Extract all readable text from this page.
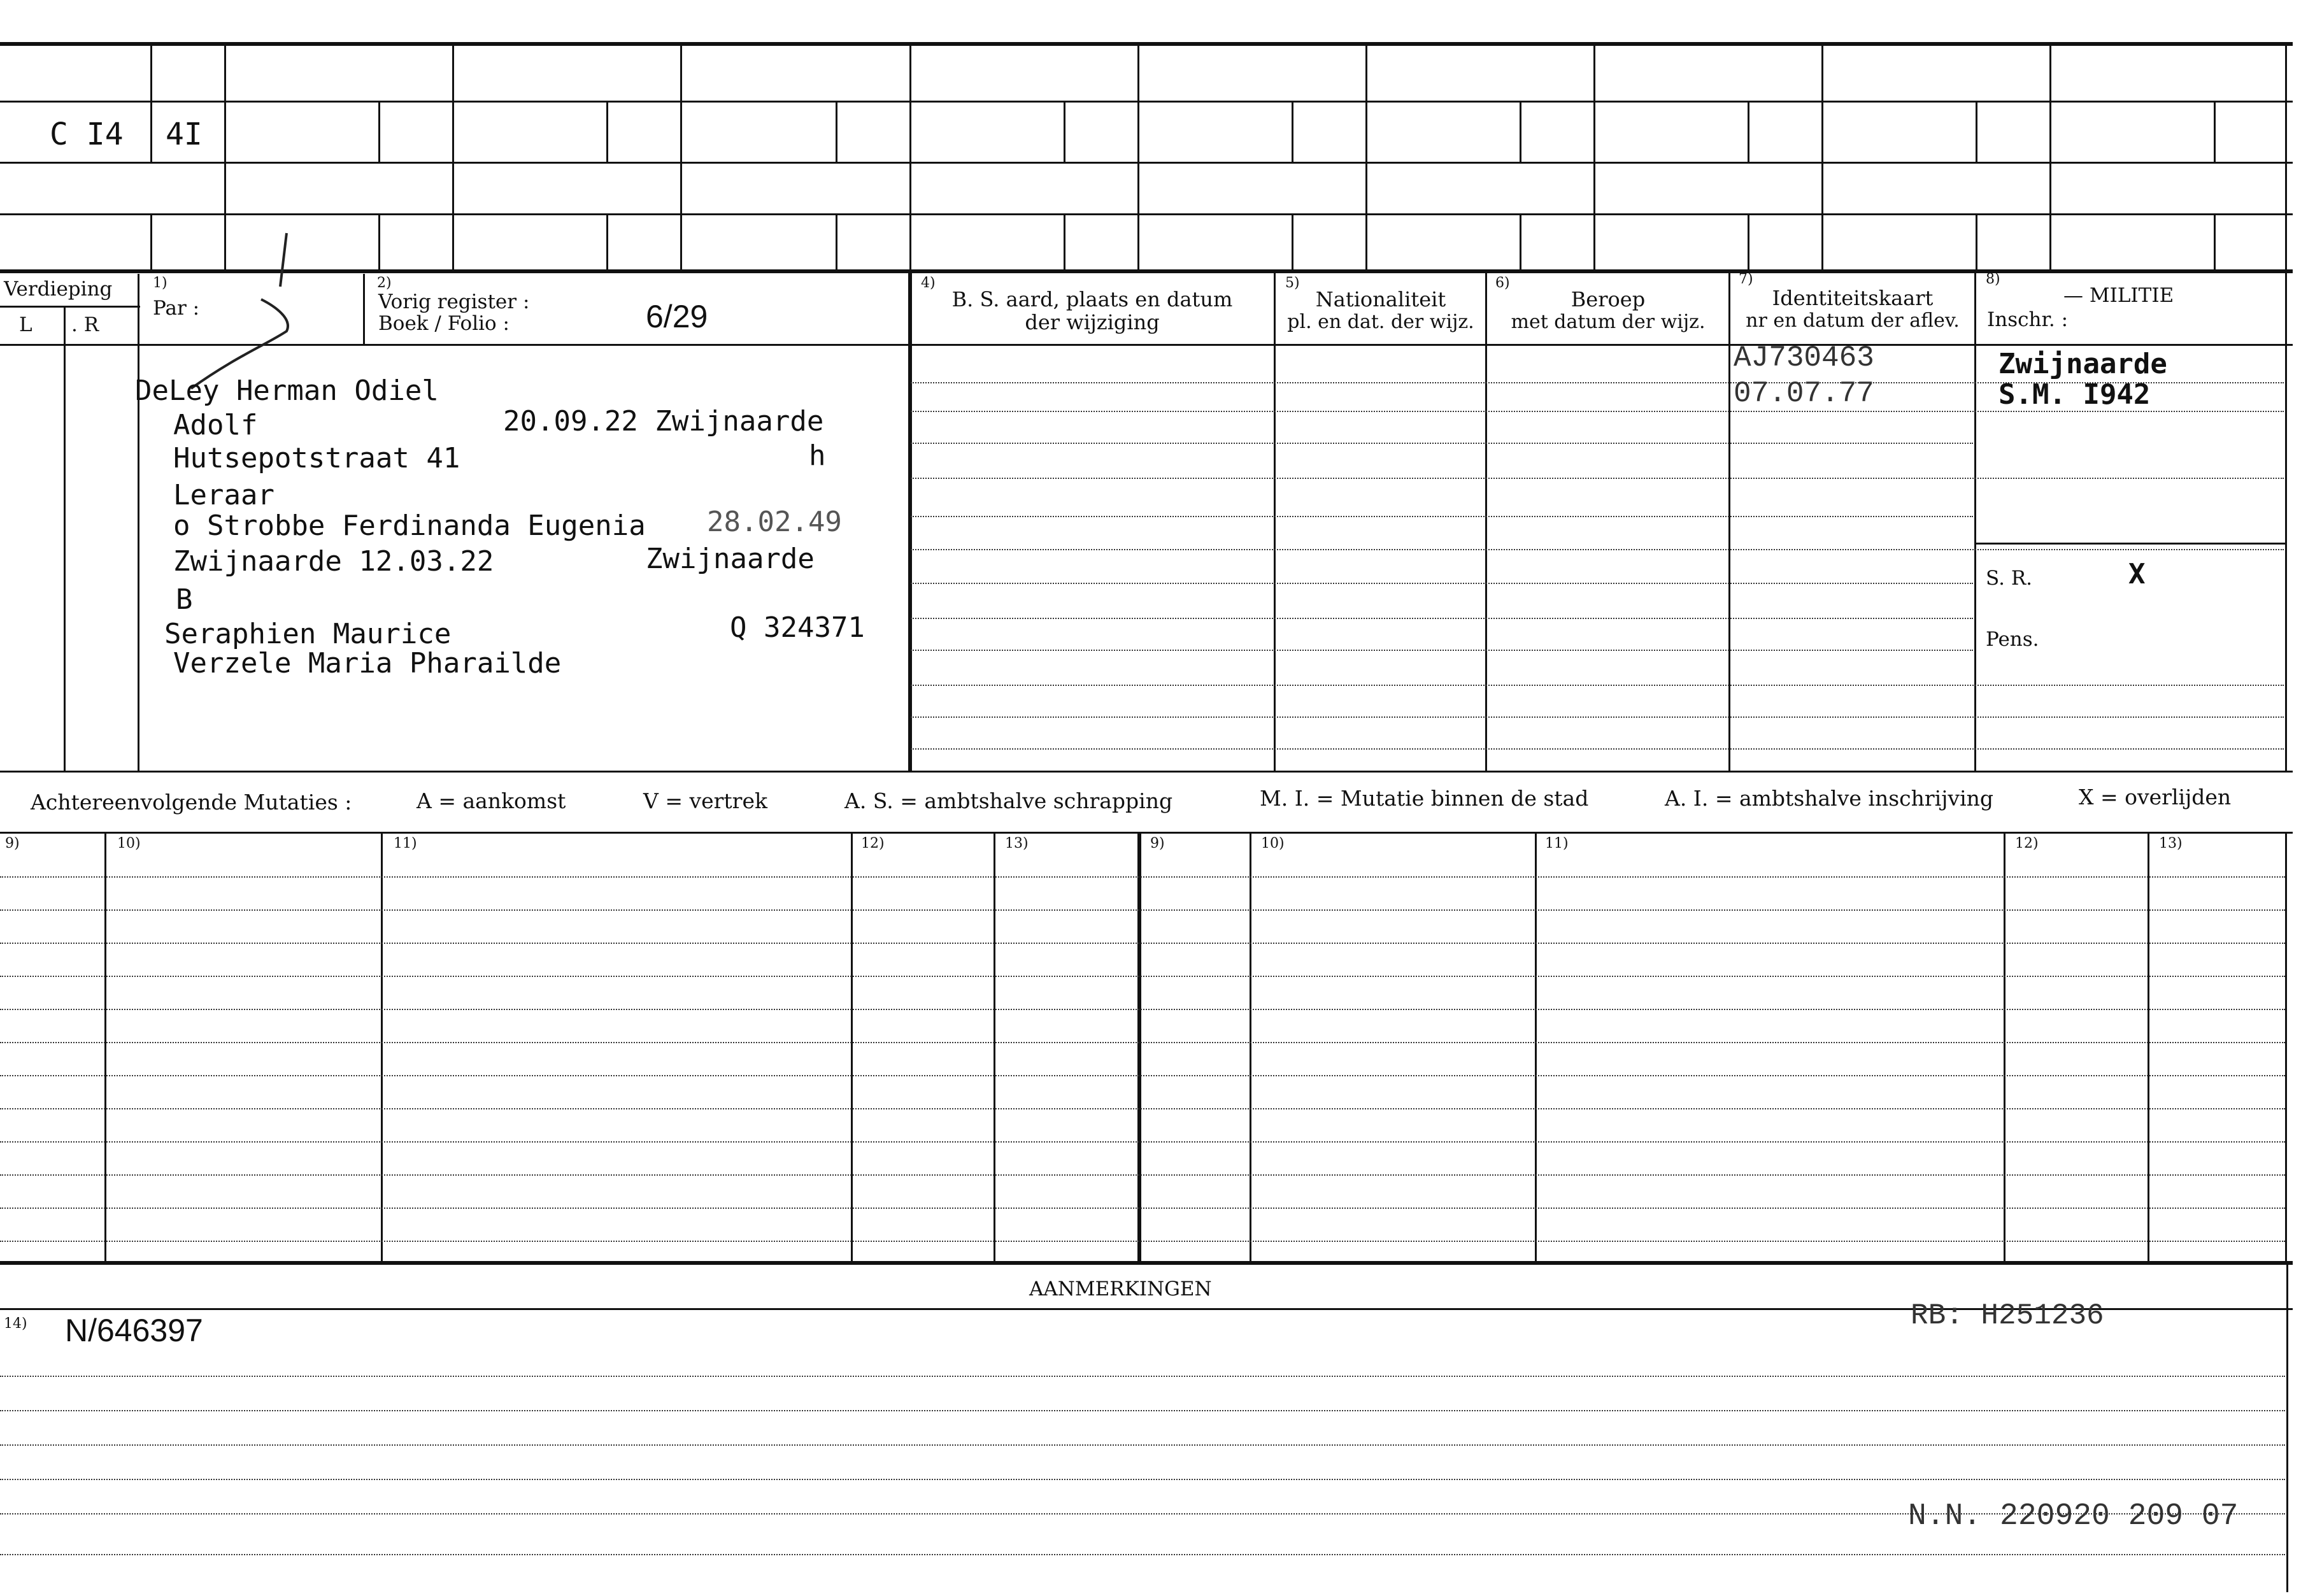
C I4 4I
Verdieping
L . R
1)
Par :
2)
Vorig register :
Boek / Folio :	6/29
4)
B. S. aard, plaats en datum
der wijziging
5)
Nationaliteit
pl. en dat. der wijz.
6)
Beroep
met datum der wijz.
7)
Identiteitskaart
nr en datum der aflev.
8)
— MILITIE
Inschr. :
DeLey Herman Odiel
Adolf	20.09.22 Zwijnaarde
Hutsepotstraat 41	h
Leraar
o Strobbe Ferdinanda Eugenia 28.02.49
Zwijnaarde 12.03.22	Zwijnaarde
B
Seraphien Maurice	Q 324371
Verzele Maria Pharailde
AJ730463
07.07.77
Zwijnaarde
S.M. I942
S. R.	X
Pens.
Achtereenvolgende Mutaties :	A = aankomst	V = vertrek	A. S. = ambtshalve schrapping	M. I. = Mutatie binnen de stad	A. I. = ambtshalve inschrijving	X = overlijden
9)	10)	11)	12)	13)	9)	10)	11)	12)	13)
AANMERKINGEN
14) N/646397	RB: H251236
N.N. 220920 209 07
